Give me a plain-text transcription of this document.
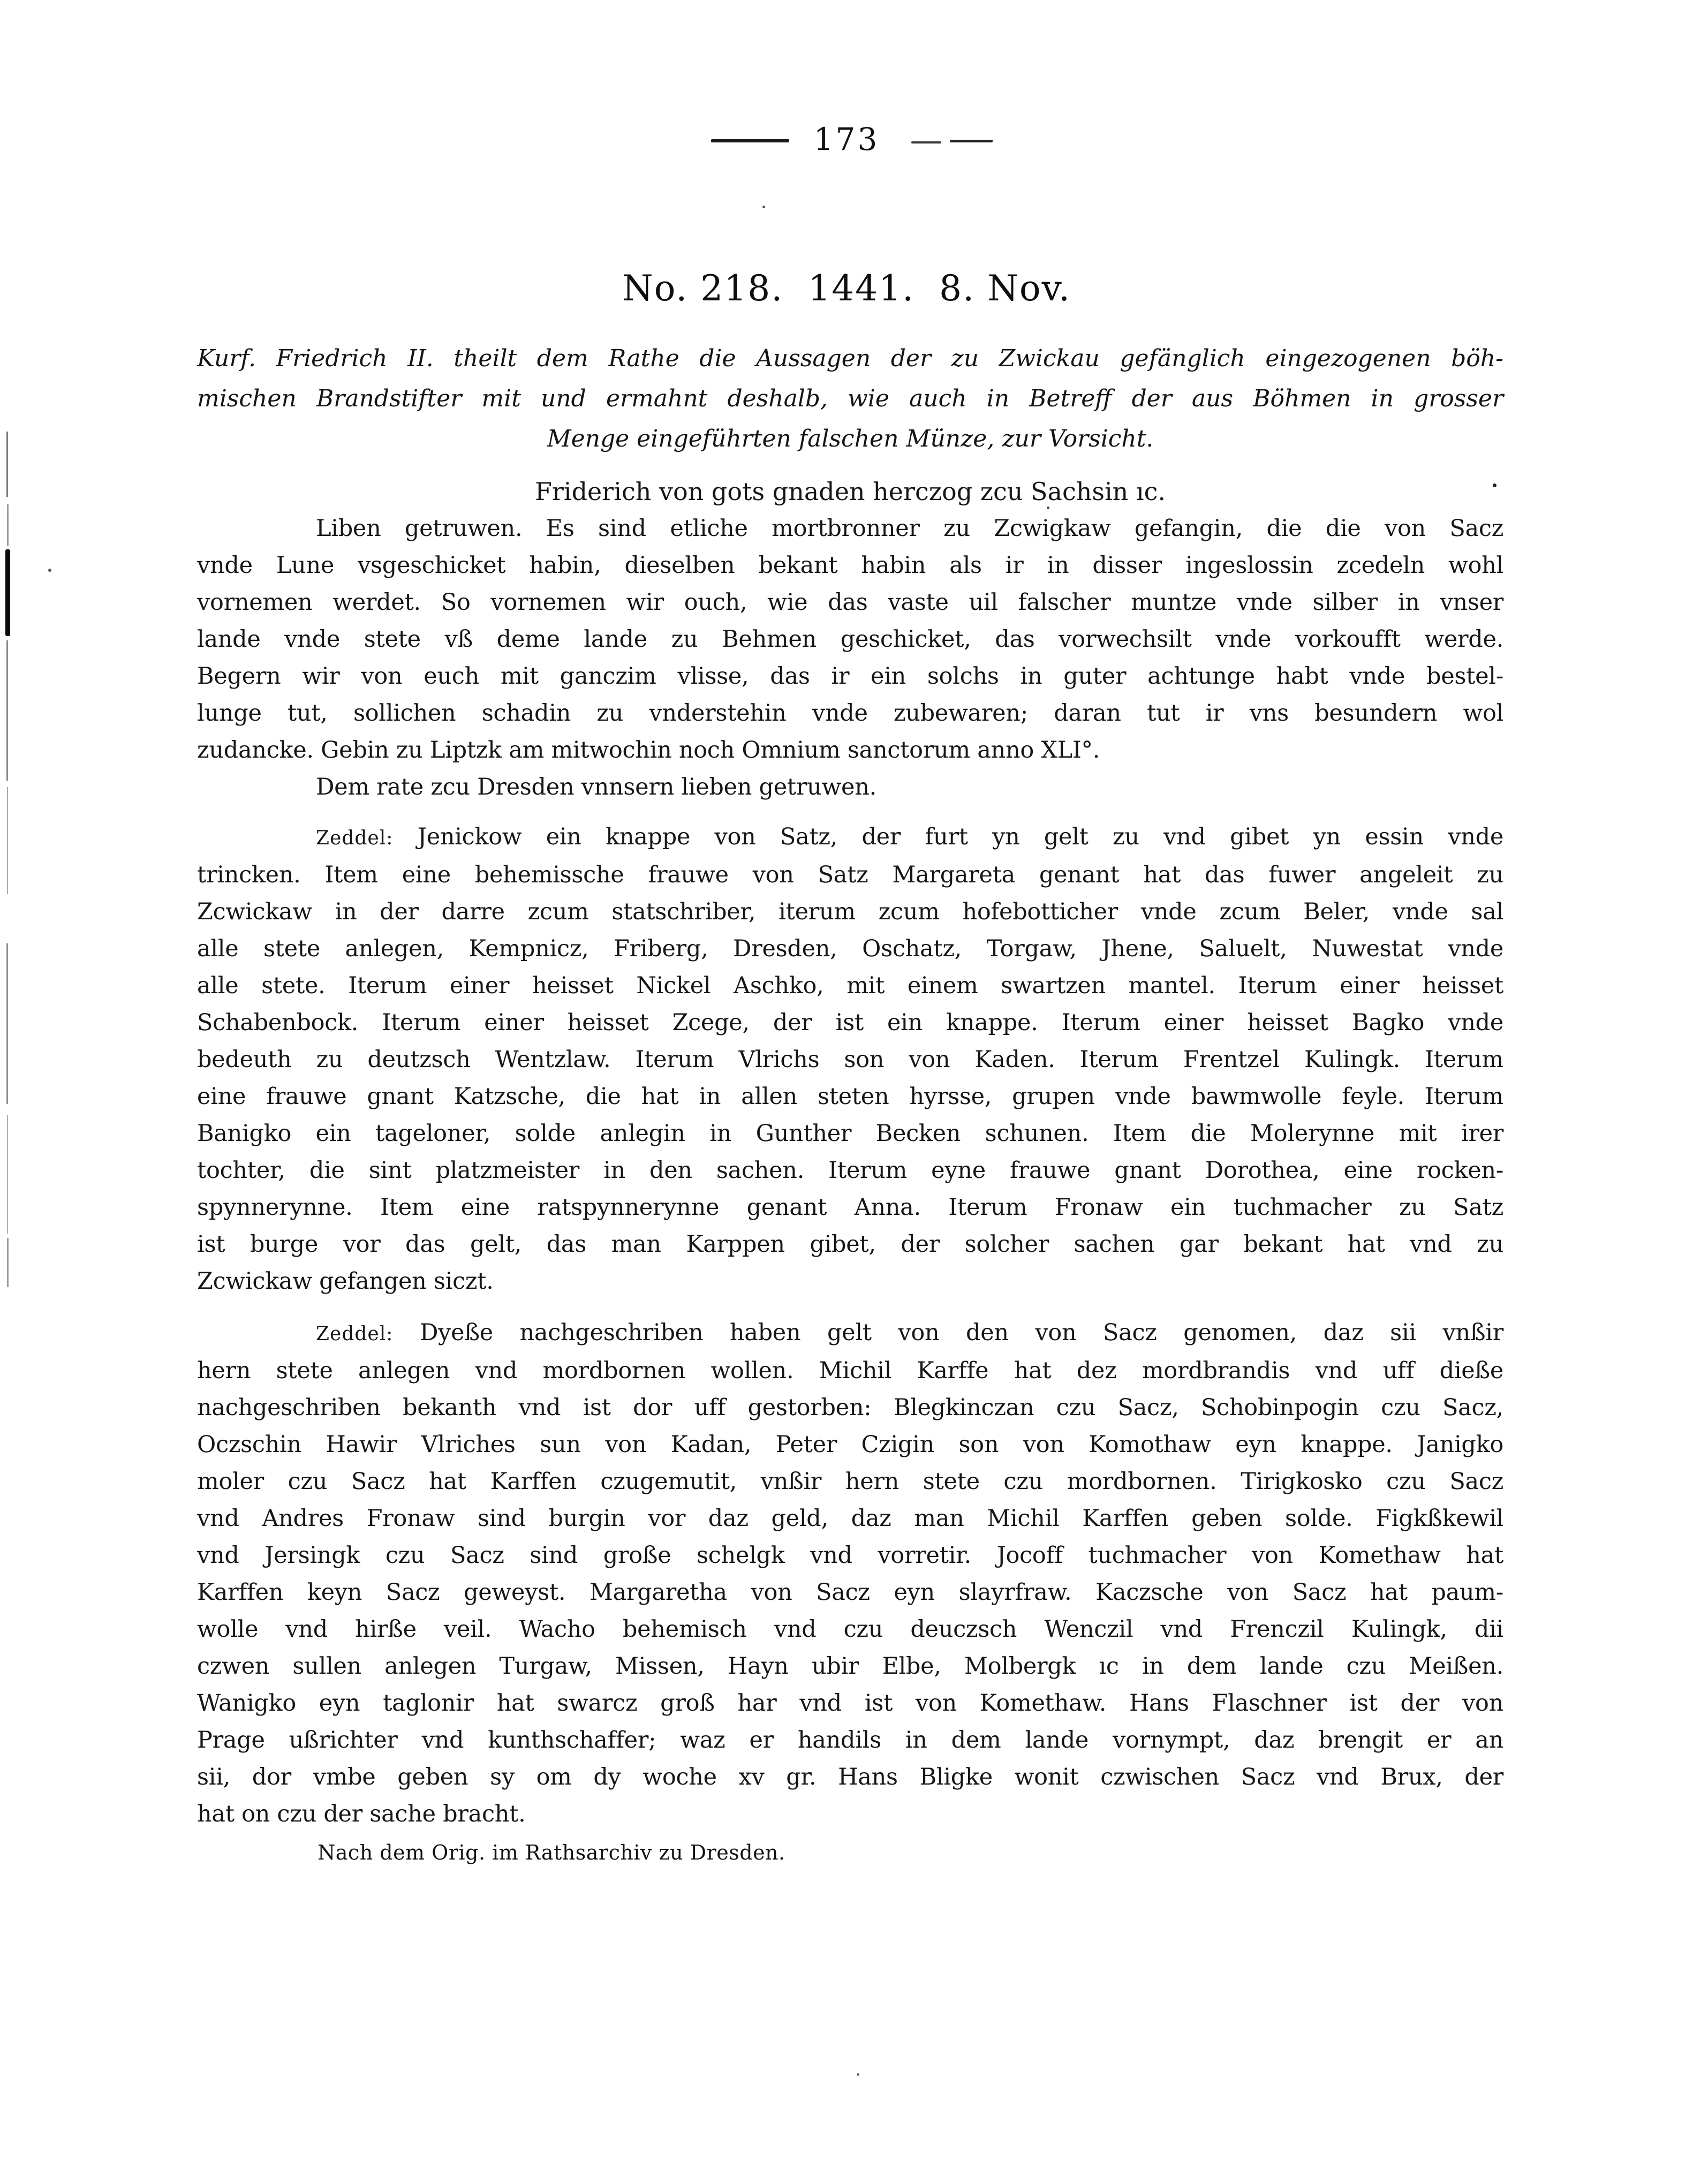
173
No. 218. 1441. 8. Nov.
Kurf. Friedrich II. theilt dem Rathe die Aussagen der zu Zwickau gefänglich eingezogenen böh-
mischen Brandstifter mit und ermahnt deshalb, wie auch in Betreff der aus Böhmen in grosser
Menge eingeführten falschen Münze, zur Vorsicht.
Friderich von gots gnaden herczog zcu Sachsin ıc.
Liben getruwen. Es sind etliche mortbronner zu Zcwigkaw gefangin, die die von Sacz
vnde Lune vsgeschicket habin, dieselben bekant habin als ir in disser ingeslossin zcedeln wohl
vornemen werdet. So vornemen wir ouch, wie das vaste uil falscher muntze vnde silber in vnser
lande vnde stete vß deme lande zu Behmen geschicket, das vorwechsilt vnde vorkoufft werde.
Begern wir von euch mit ganczim vlisse, das ir ein solchs in guter achtunge habt vnde bestel-
lunge tut, sollichen schadin zu vnderstehin vnde zubewaren; daran tut ir vns besundern wol
zudancke. Gebin zu Liptzk am mitwochin noch Omnium sanctorum anno XLI°.
Dem rate zcu Dresden vnnsern lieben getruwen.
Zeddel: Jenickow ein knappe von Satz, der furt yn gelt zu vnd gibet yn essin vnde
trincken. Item eine behemissche frauwe von Satz Margareta genant hat das fuwer angeleit zu
Zcwickaw in der darre zcum statschriber, iterum zcum hofebotticher vnde zcum Beler, vnde sal
alle stete anlegen, Kempnicz, Friberg, Dresden, Oschatz, Torgaw, Jhene, Saluelt, Nuwestat vnde
alle stete. Iterum einer heisset Nickel Aschko, mit einem swartzen mantel. Iterum einer heisset
Schabenbock. Iterum einer heisset Zcege, der ist ein knappe. Iterum einer heisset Bagko vnde
bedeuth zu deutzsch Wentzlaw. Iterum Vlrichs son von Kaden. Iterum Frentzel Kulingk. Iterum
eine frauwe gnant Katzsche, die hat in allen steten hyrsse, grupen vnde bawmwolle feyle. Iterum
Banigko ein tageloner, solde anlegin in Gunther Becken schunen. Item die Molerynne mit irer
tochter, die sint platzmeister in den sachen. Iterum eyne frauwe gnant Dorothea, eine rocken-
spynnerynne. Item eine ratspynnerynne genant Anna. Iterum Fronaw ein tuchmacher zu Satz
ist burge vor das gelt, das man Karppen gibet, der solcher sachen gar bekant hat vnd zu
Zcwickaw gefangen siczt.
Zeddel: Dyeße nachgeschriben haben gelt von den von Sacz genomen, daz sii vnßir
hern stete anlegen vnd mordbornen wollen. Michil Karffe hat dez mordbrandis vnd uff dieße
nachgeschriben bekanth vnd ist dor uff gestorben: Blegkinczan czu Sacz, Schobinpogin czu Sacz,
Oczschin Hawir Vlriches sun von Kadan, Peter Czigin son von Komothaw eyn knappe. Janigko
moler czu Sacz hat Karffen czugemutit, vnßir hern stete czu mordbornen. Tirigkosko czu Sacz
vnd Andres Fronaw sind burgin vor daz geld, daz man Michil Karffen geben solde. Figkßkewil
vnd Jersingk czu Sacz sind große schelgk vnd vorretir. Jocoff tuchmacher von Komethaw hat
Karffen keyn Sacz geweyst. Margaretha von Sacz eyn slayrfraw. Kaczsche von Sacz hat paum-
wolle vnd hirße veil. Wacho behemisch vnd czu deuczsch Wenczil vnd Frenczil Kulingk, dii
czwen sullen anlegen Turgaw, Missen, Hayn ubir Elbe, Molbergk ıc in dem lande czu Meißen.
Wanigko eyn taglonir hat swarcz groß har vnd ist von Komethaw. Hans Flaschner ist der von
Prage ußrichter vnd kunthschaffer; waz er handils in dem lande vornympt, daz brengit er an
sii, dor vmbe geben sy om dy woche xv gr. Hans Bligke wonit czwischen Sacz vnd Brux, der
hat on czu der sache bracht.
Nach dem Orig. im Rathsarchiv zu Dresden.
